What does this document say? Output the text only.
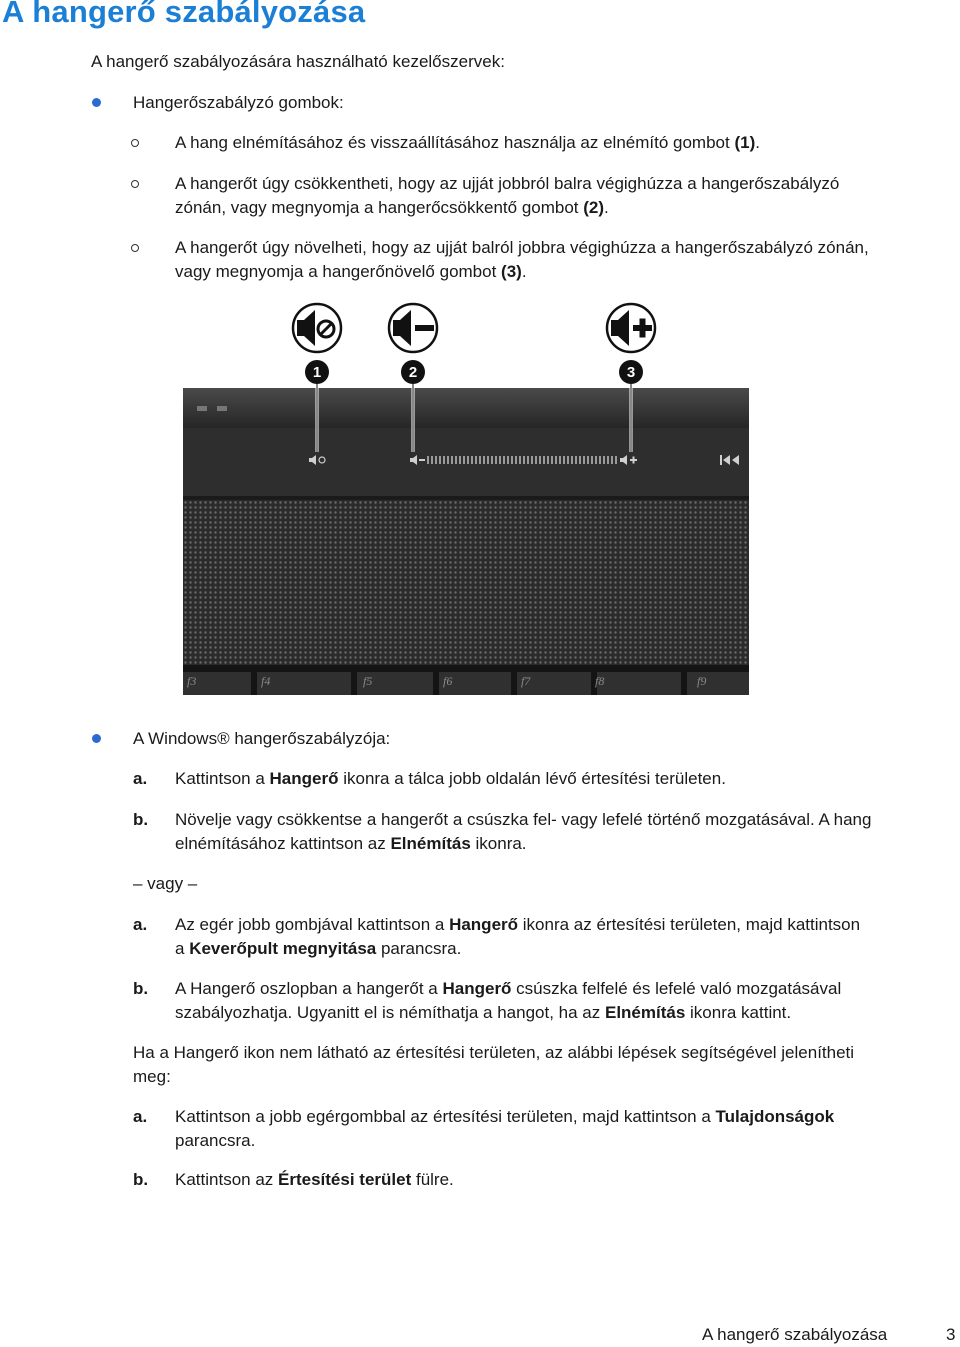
A hangerő szabályozása
A hangerő szabályozására használható kezelőszervek:
Hangerőszabályzó gombok:
A hang elnémításához és visszaállításához használja az elnémító gombot (1).
A hangerőt úgy csökkentheti, hogy az ujját jobbról balra végighúzza a hangerőszabályzó
zónán, vagy megnyomja a hangerőcsökkentő gombot (2).
A hangerőt úgy növelheti, hogy az ujját balról jobbra végighúzza a hangerőszabályzó zónán,
vagy megnyomja a hangerőnövelő gombot (3).
f3	f4	f5	f6	f7	f8	f9
1	2	3
A Windows® hangerőszabályzója:
a. Kattintson a Hangerő ikonra a tálca jobb oldalán lévő értesítési területen.
b. Növelje vagy csökkentse a hangerőt a csúszka fel- vagy lefelé történő mozgatásával. A hang
elnémításához kattintson az Elnémítás ikonra.
– vagy –
a. Az egér jobb gombjával kattintson a Hangerő ikonra az értesítési területen, majd kattintson
a Keverőpult megnyitása parancsra.
b. A Hangerő oszlopban a hangerőt a Hangerő csúszka felfelé és lefelé való mozgatásával
szabályozhatja. Ugyanitt el is némíthatja a hangot, ha az Elnémítás ikonra kattint.
Ha a Hangerő ikon nem látható az értesítési területen, az alábbi lépések segítségével jelenítheti
meg:
a. Kattintson a jobb egérgombbal az értesítési területen, majd kattintson a Tulajdonságok
parancsra.
b. Kattintson az Értesítési terület fülre.
A hangerő szabályozása	3
